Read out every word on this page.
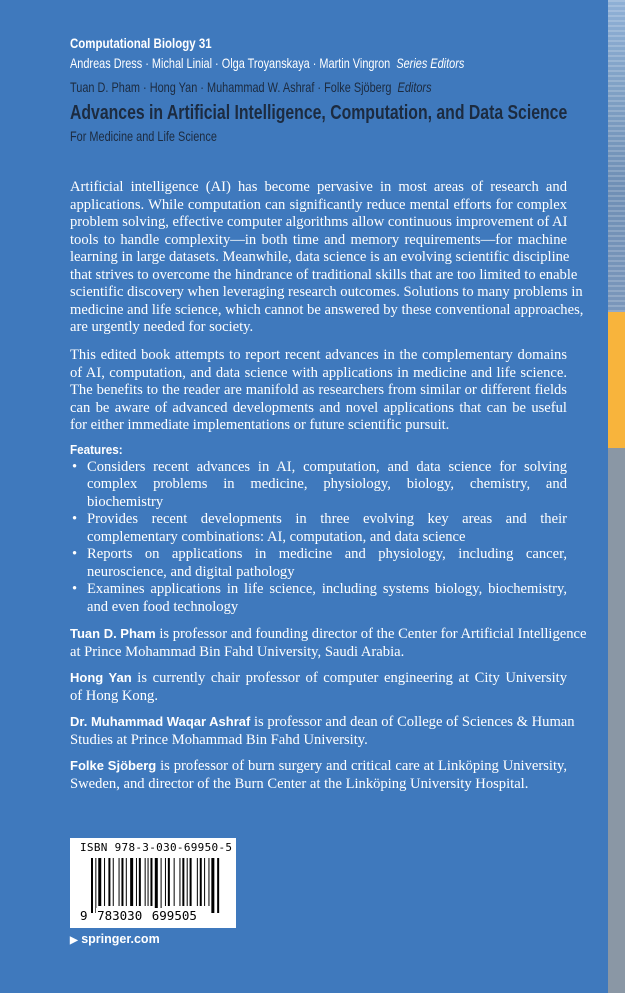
Computational Biology 31
Andreas Dress · Michal Linial · Olga Troyanskaya · Martin Vingron Series Editors
Tuan D. Pham · Hong Yan · Muhammad W. Ashraf · Folke Sjöberg Editors
Advances in Artificial Intelligence, Computation, and Data Science
For Medicine and Life Science
Artificial intelligence (AI) has become pervasive in most areas of research and
applications. While computation can significantly reduce mental efforts for complex
problem solving, effective computer algorithms allow continuous improvement of AI
tools to handle complexity—in both time and memory requirements—for machine
learning in large datasets. Meanwhile, data science is an evolving scientific discipline
that strives to overcome the hindrance of traditional skills that are too limited to enable
scientific discovery when leveraging research outcomes. Solutions to many problems in
medicine and life science, which cannot be answered by these conventional approaches,
are urgently needed for society.
This edited book attempts to report recent advances in the complementary domains
of AI, computation, and data science with applications in medicine and life science.
The benefits to the reader are manifold as researchers from similar or different fields
can be aware of advanced developments and novel applications that can be useful
for either immediate implementations or future scientific pursuit.
Features:
• Considers recent advances in AI, computation, and data science for solving
complex problems in medicine, physiology, biology, chemistry, and
biochemistry
• Provides recent developments in three evolving key areas and their
complementary combinations: AI, computation, and data science
• Reports on applications in medicine and physiology, including cancer,
neuroscience, and digital pathology
• Examines applications in life science, including systems biology, biochemistry,
and even food technology
Tuan D. Pham is professor and founding director of the Center for Artificial Intelligence
at Prince Mohammad Bin Fahd University, Saudi Arabia.
Hong Yan is currently chair professor of computer engineering at City University
of Hong Kong.
Dr. Muhammad Waqar Ashraf is professor and dean of College of Sciences & Human
Studies at Prince Mohammad Bin Fahd University.
Folke Sjöberg is professor of burn surgery and critical care at Linköping University,
Sweden, and director of the Burn Center at the Linköping University Hospital.
ISBN 978-3-030-69950-5
9 783030 699505
▶ springer.com
